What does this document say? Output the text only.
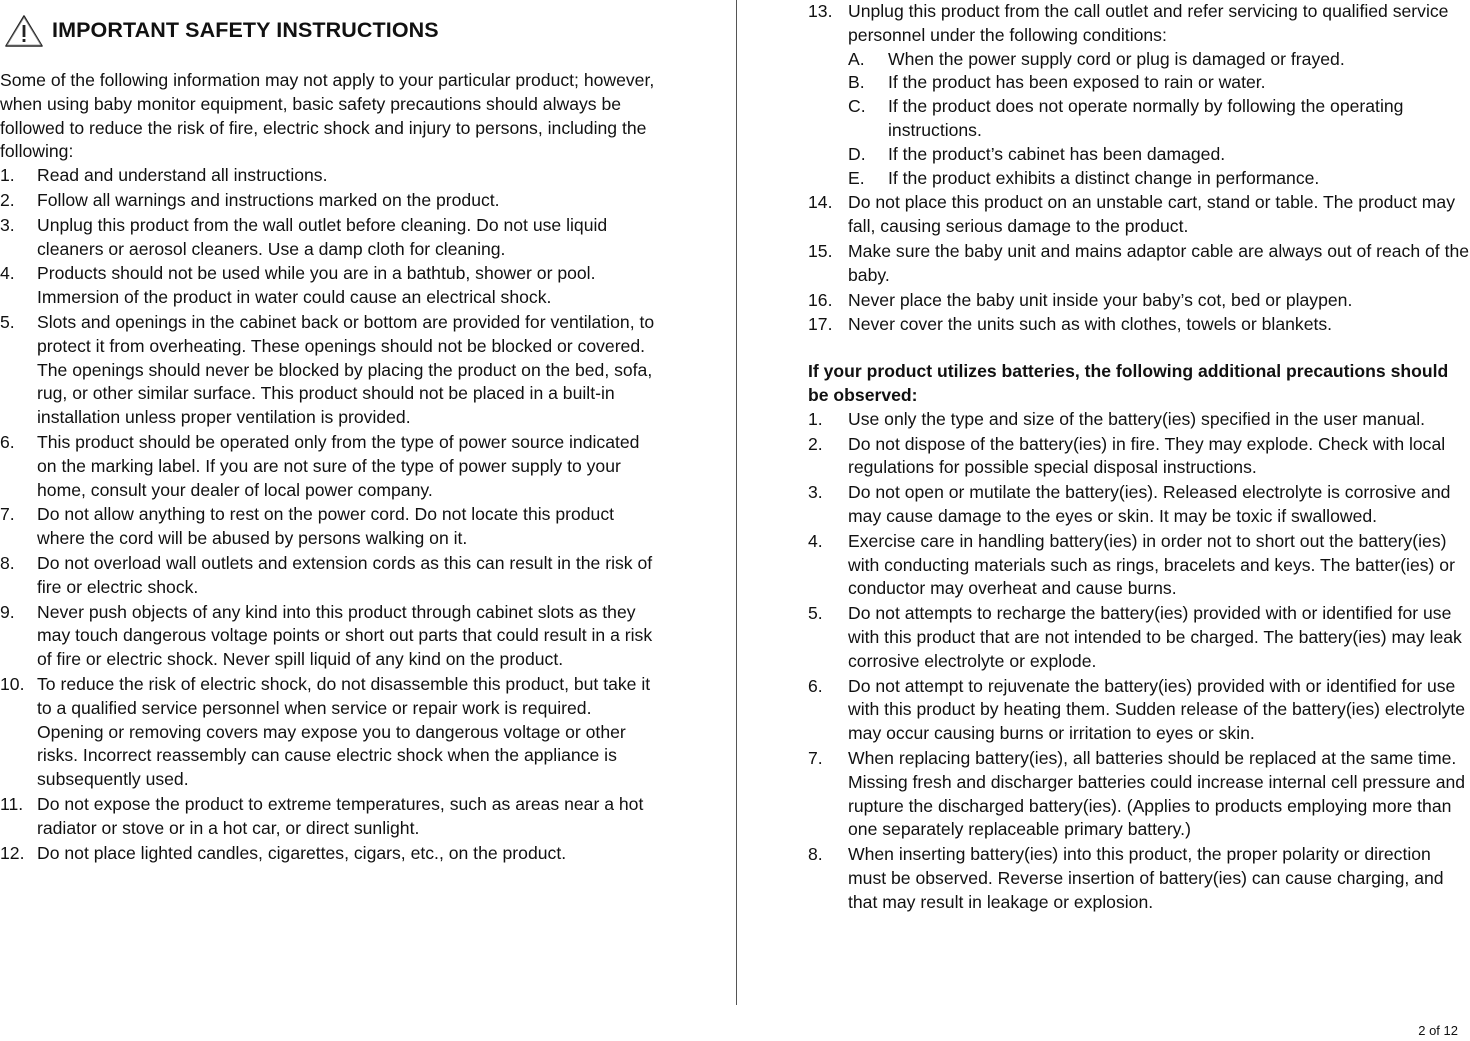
IMPORTANT SAFETY INSTRUCTIONS

Some of the following information may not apply to your particular product; however, when using baby monitor equipment, basic safety precautions should always be followed to reduce the risk of fire, electric shock and injury to persons, including the following:

1.	Read and understand all instructions.
2.	Follow all warnings and instructions marked on the product.
3.	Unplug this product from the wall outlet before cleaning. Do not use liquid cleaners or aerosol cleaners. Use a damp cloth for cleaning.
4.	Products should not be used while you are in a bathtub, shower or pool. Immersion of the product in water could cause an electrical shock.
5.	Slots and openings in the cabinet back or bottom are provided for ventilation, to protect it from overheating. These openings should not be blocked or covered. The openings should never be blocked by placing the product on the bed, sofa, rug, or other similar surface. This product should not be placed in a built-in installation unless proper ventilation is provided.
6.	This product should be operated only from the type of power source indicated on the marking label. If you are not sure of the type of power supply to your home, consult your dealer of local power company.
7.	Do not allow anything to rest on the power cord. Do not locate this product where the cord will be abused by persons walking on it.
8.	Do not overload wall outlets and extension cords as this can result in the risk of fire or electric shock.
9.	Never push objects of any kind into this product through cabinet slots as they may touch dangerous voltage points or short out parts that could result in a risk of fire or electric shock. Never spill liquid of any kind on the product.
10. To reduce the risk of electric shock, do not disassemble this product, but take it to a qualified service personnel when service or repair work is required. Opening or removing covers may expose you to dangerous voltage or other risks. Incorrect reassembly can cause electric shock when the appliance is subsequently used.
11. Do not expose the product to extreme temperatures, such as areas near a hot radiator or stove or in a hot car, or direct sunlight.
12. Do not place lighted candles, cigarettes, cigars, etc., on the product.
13. Unplug this product from the call outlet and refer servicing to qualified service personnel under the following conditions:
A.	When the power supply cord or plug is damaged or frayed.
B.	If the product has been exposed to rain or water.
C.	If the product does not operate normally by following the operating instructions.
D.	If the product’s cabinet has been damaged.
E.	If the product exhibits a distinct change in performance.
14. Do not place this product on an unstable cart, stand or table. The product may fall, causing serious damage to the product.
15. Make sure the baby unit and mains adaptor cable are always out of reach of the baby.
16. Never place the baby unit inside your baby’s cot, bed or playpen.
17. Never cover the units such as with clothes, towels or blankets.

If your product utilizes batteries, the following additional precautions should be observed:

1.	Use only the type and size of the battery(ies) specified in the user manual.
2.	Do not dispose of the battery(ies) in fire. They may explode. Check with local regulations for possible special disposal instructions.
3.	Do not open or mutilate the battery(ies). Released electrolyte is corrosive and may cause damage to the eyes or skin. It may be toxic if swallowed.
4.	Exercise care in handling battery(ies) in order not to short out the battery(ies) with conducting materials such as rings, bracelets and keys. The batter(ies) or conductor may overheat and cause burns.
5.	Do not attempts to recharge the battery(ies) provided with or identified for use with this product that are not intended to be charged. The battery(ies) may leak corrosive electrolyte or explode.
6.	Do not attempt to rejuvenate the battery(ies) provided with or identified for use with this product by heating them. Sudden release of the battery(ies) electrolyte may occur causing burns or irritation to eyes or skin.
7.	When replacing battery(ies), all batteries should be replaced at the same time. Missing fresh and discharger batteries could increase internal cell pressure and rupture the discharged battery(ies). (Applies to products employing more than one separately replaceable primary battery.)
8.	When inserting battery(ies) into this product, the proper polarity or direction must be observed. Reverse insertion of battery(ies) can cause charging, and that may result in leakage or explosion.
2 of 12
